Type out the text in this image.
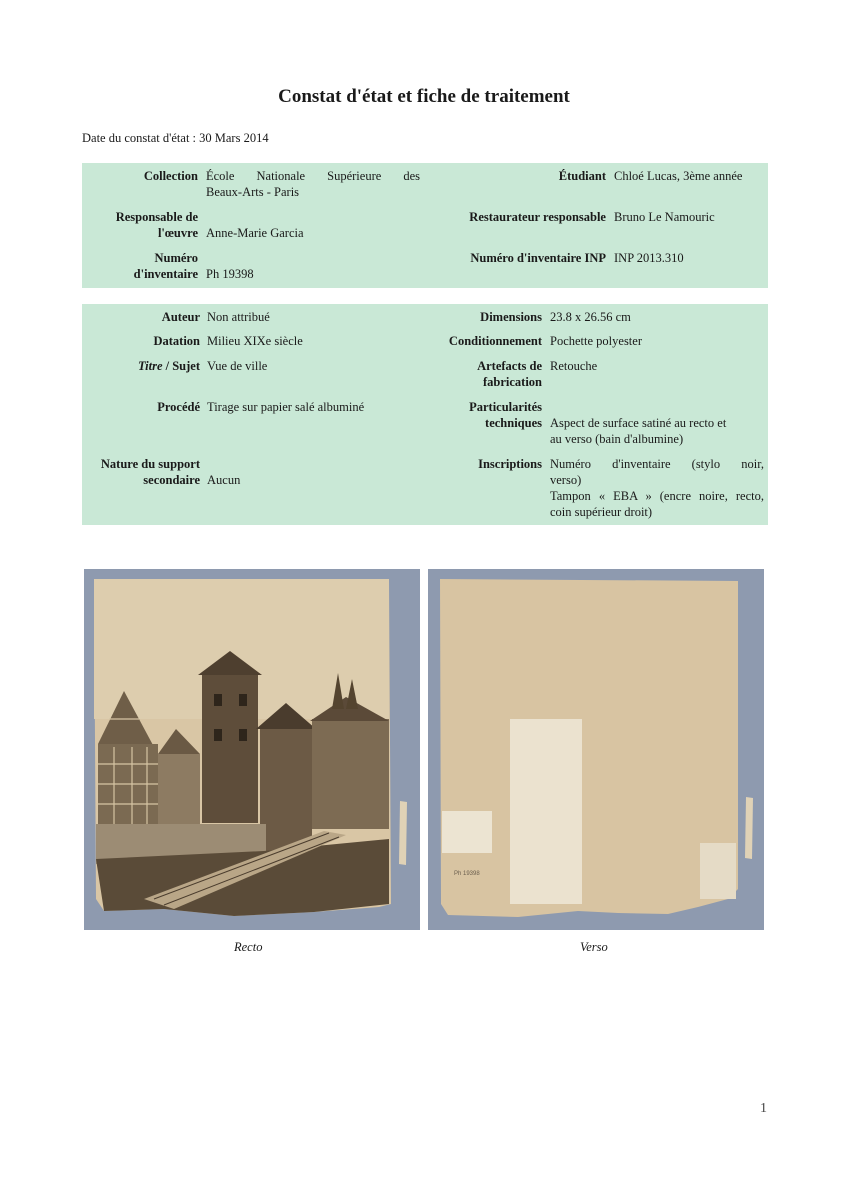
Constat d'état et fiche de traitement
Date du constat d'état : 30 Mars 2014
Collection École Nationale Supérieure des
Beaux-Arts - Paris
Responsable de
l'œuvre Anne-Marie Garcia
Numéro
d'inventaire Ph 19398
Étudiant Chloé Lucas, 3ème année
Restaurateur responsable Bruno Le Namouric
Numéro d'inventaire INP INP 2013.310
Auteur Non attribué
Datation Milieu XIXe siècle
Titre / Sujet Vue de ville
Procédé Tirage sur papier salé albuminé
Nature du support
secondaire Aucun
Dimensions 23.8 x 26.56 cm
Conditionnement Pochette polyester
Artefacts de
fabrication
Retouche
Particularités
techniques Aspect de surface satiné au recto et
au verso (bain d'albumine)
Inscriptions Numéro d'inventaire (stylo noir,
verso)
Tampon « EBA » (encre noire, recto,
coin supérieur droit)
Recto
Ph 19398
Verso
1
